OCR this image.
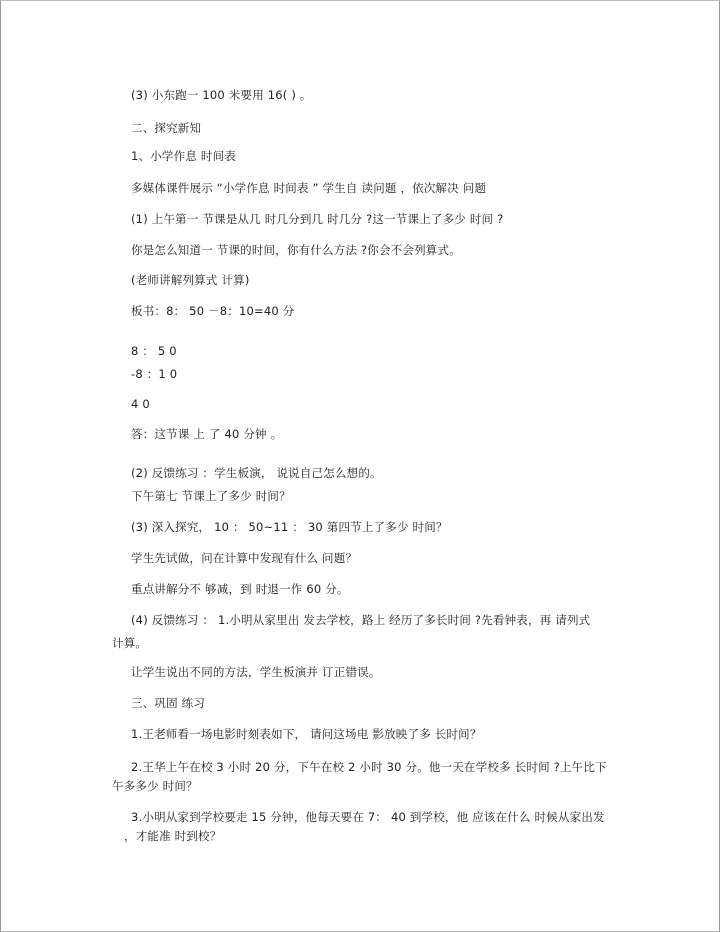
(3) 小东跑一 100 米要用 16( ) 。

二、探究新知

1、小学作息 时间表

多媒体课件展示 “小学作息 时间表 ” 学生自 读问题 ，依次解决 问题

(1) 上午第一 节课是从几 时几分到几 时几分 ?这一节课上了多少 时间 ?

你是怎么知道一 节课的时间，你有什么方法 ?你会不会列算式。

(老师讲解列算式 计算)

板书：8： 50 －8：10=40 分

8 ： 5 0

-8 ：1 0

4 0

答：这节课 上 了 40 分钟 。

(2) 反馈练习 ：学生板演， 说说自己怎么想的。

下午第七 节课上了多少 时间？

(3) 深入探究， 10 ： 50~11 ： 30 第四节上了多少 时间？

学生先试做，问在计算中发现有什么 问题？

重点讲解分不 够减，到 时退一作 60 分。

(4) 反馈练习 ： 1.小明从家里出 发去学校，路上 经历了多长时间 ?先看钟表，再 请列式

计算。

让学生说出不同的方法，学生板演并 订正错误。

三、巩固 练习

1.王老师看一场电影时刻表如下， 请问这场电 影放映了多 长时间？

2.王华上午在校 3 小时 20 分，下午在校 2 小时 30 分。他一天在学校多 长时间 ?上午比下

午多多少 时间？

3.小明从家到学校要走 15 分钟，他每天要在 7： 40 到学校，他 应该在什么 时候从家出发

，才能准 时到校？
